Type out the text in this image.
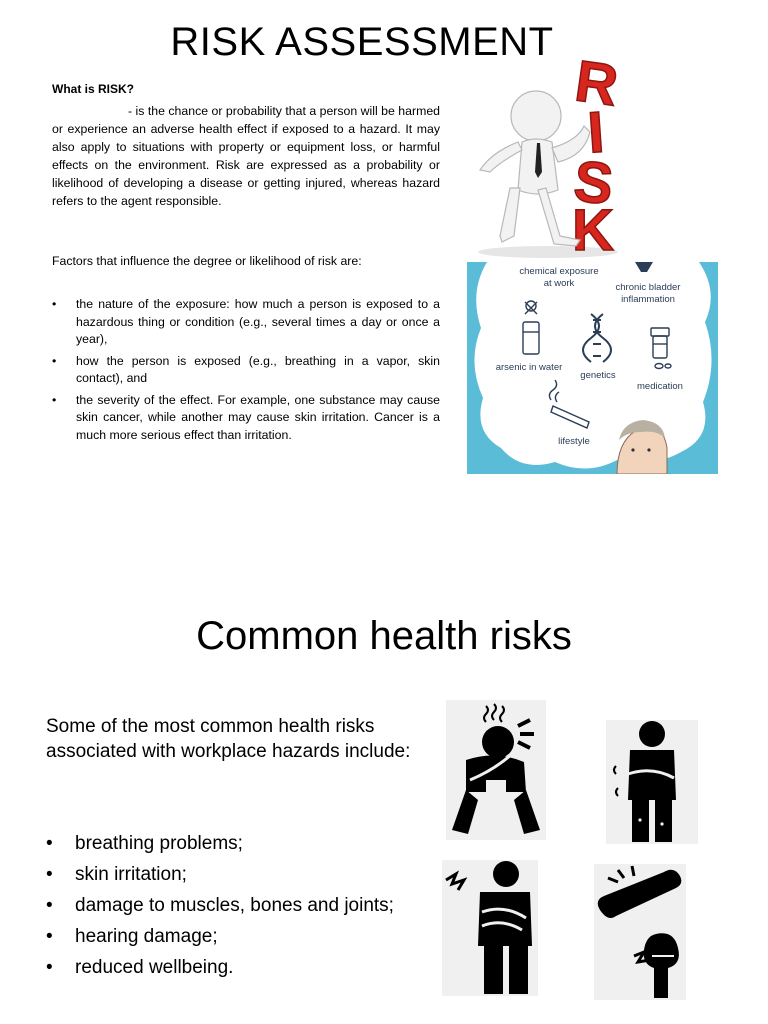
RISK ASSESSMENT
What is RISK?

- is the chance or probability that a person will be harmed or experience an adverse health effect if exposed to a hazard. It may also apply to situations with property or equipment loss, or harmful effects on the environment. Risk are expressed as a probability or likelihood of developing a disease or getting injured, whereas hazard refers to the agent responsible.

Factors that influence the degree or likelihood of risk are:
• the nature of the exposure: how much a person is exposed to a hazardous thing or condition (e.g., several times a day or once a year),
• how the person is exposed (e.g., breathing in a vapor, skin contact), and
• the severity of the effect. For example, one substance may cause skin cancer, while another may cause skin irritation. Cancer is a much more serious effect than irritation.
R
I
S
K
chemical exposure at work	chronic bladder inflammation
arsenic in water
genetics
medication
lifestyle
Common health risks

Some of the most common health risks associated with workplace hazards include:

• breathing problems;
• skin irritation;
• damage to muscles, bones and joints;
• hearing damage;
• reduced wellbeing.
